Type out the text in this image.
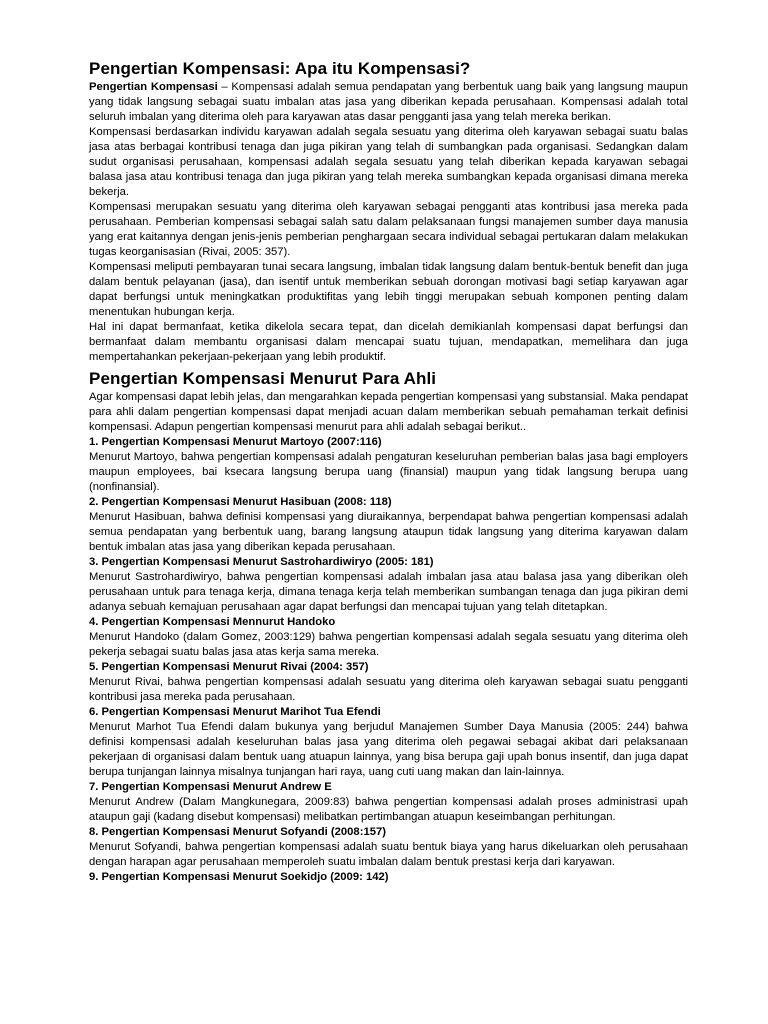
Pengertian Kompensasi: Apa itu Kompensasi?

Pengertian Kompensasi – Kompensasi adalah semua pendapatan yang berbentuk uang baik yang langsung maupun yang tidak langsung sebagai suatu imbalan atas jasa yang diberikan kepada perusahaan. Kompensasi adalah total seluruh imbalan yang diterima oleh para karyawan atas dasar pengganti jasa yang telah mereka berikan.

Kompensasi berdasarkan individu karyawan adalah segala sesuatu yang diterima oleh karyawan sebagai suatu balas jasa atas berbagai kontribusi tenaga dan juga pikiran yang telah di sumbangkan pada organisasi. Sedangkan dalam sudut organisasi perusahaan, kompensasi adalah segala sesuatu yang telah diberikan kepada karyawan sebagai balasa jasa atau kontribusi tenaga dan juga pikiran yang telah mereka sumbangkan kepada organisasi dimana mereka bekerja.

Kompensasi merupakan sesuatu yang diterima oleh karyawan sebagai pengganti atas kontribusi jasa mereka pada perusahaan. Pemberian kompensasi sebagai salah satu dalam pelaksanaan fungsi manajemen sumber daya manusia yang erat kaitannya dengan jenis-jenis pemberian penghargaan secara individual sebagai pertukaran dalam melakukan tugas keorganisasian (Rivai, 2005: 357).

Kompensasi meliputi pembayaran tunai secara langsung, imbalan tidak langsung dalam bentuk-bentuk benefit dan juga dalam bentuk pelayanan (jasa), dan isentif untuk memberikan sebuah dorongan motivasi bagi setiap karyawan agar dapat berfungsi untuk meningkatkan produktifitas yang lebih tinggi merupakan sebuah komponen penting dalam menentukan hubungan kerja.

Hal ini dapat bermanfaat, ketika dikelola secara tepat, dan dicelah demikianlah kompensasi dapat berfungsi dan bermanfaat dalam membantu organisasi dalam mencapai suatu tujuan, mendapatkan, memelihara dan juga mempertahankan pekerjaan-pekerjaan yang lebih produktif.

Pengertian Kompensasi Menurut Para Ahli

Agar kompensasi dapat lebih jelas, dan mengarahkan kepada pengertian kompensasi yang substansial. Maka pendapat para ahli dalam pengertian kompensasi dapat menjadi acuan dalam memberikan sebuah pemahaman terkait definisi kompensasi. Adapun pengertian kompensasi menurut para ahli adalah sebagai berikut..

1. Pengertian Kompensasi Menurut Martoyo (2007:116)

Menurut Martoyo, bahwa pengertian kompensasi adalah pengaturan keseluruhan pemberian balas jasa bagi employers maupun employees, bai ksecara langsung berupa uang (finansial) maupun yang tidak langsung berupa uang (nonfinansial).

2. Pengertian Kompensasi Menurut Hasibuan (2008: 118)

Menurut Hasibuan, bahwa definisi kompensasi yang diuraikannya, berpendapat bahwa pengertian kompensasi adalah semua pendapatan yang berbentuk uang, barang langsung ataupun tidak langsung yang diterima karyawan dalam bentuk imbalan atas jasa yang diberikan kepada perusahaan.

3. Pengertian Kompensasi Menurut Sastrohardiwiryo (2005: 181)

Menurut Sastrohardiwiryo, bahwa pengertian kompensasi adalah imbalan jasa atau balasa jasa yang diberikan oleh perusahaan untuk para tenaga kerja, dimana tenaga kerja telah memberikan sumbangan tenaga dan juga pikiran demi adanya sebuah kemajuan perusahaan agar dapat berfungsi dan mencapai tujuan yang telah ditetapkan.

4. Pengertian Kompensasi Mennurut Handoko

Menurut Handoko (dalam Gomez, 2003:129) bahwa pengertian kompensasi adalah segala sesuatu yang diterima oleh pekerja sebagai suatu balas jasa atas kerja sama mereka.

5. Pengertian Kompensasi Menurut Rivai (2004: 357)

Menurut Rivai, bahwa pengertian kompensasi adalah sesuatu yang diterima oleh karyawan sebagai suatu pengganti kontribusi jasa mereka pada perusahaan.

6. Pengertian Kompensasi Menurut Marihot Tua Efendi

Menurut Marhot Tua Efendi dalam bukunya yang berjudul Manajemen Sumber Daya Manusia (2005: 244) bahwa definisi kompensasi adalah keseluruhan balas jasa yang diterima oleh pegawai sebagai akibat dari pelaksanaan pekerjaan di organisasi dalam bentuk uang atuapun lainnya, yang bisa berupa gaji upah bonus insentif, dan juga dapat berupa tunjangan lainnya misalnya tunjangan hari raya, uang cuti uang makan dan lain-lainnya.

7. Pengertian Kompensasi Menurut Andrew E

Menurut Andrew (Dalam Mangkunegara, 2009:83) bahwa pengertian kompensasi adalah proses administrasi upah ataupun gaji (kadang disebut kompensasi) melibatkan pertimbangan atuapun keseimbangan perhitungan.

8. Pengertian Kompensasi Menurut Sofyandi (2008:157)

Menurut Sofyandi, bahwa pengertian kompensasi adalah suatu bentuk biaya yang harus dikeluarkan oleh perusahaan dengan harapan agar perusahaan memperoleh suatu imbalan dalam bentuk prestasi kerja dari karyawan.

9. Pengertian Kompensasi Menurut Soekidjo (2009: 142)
